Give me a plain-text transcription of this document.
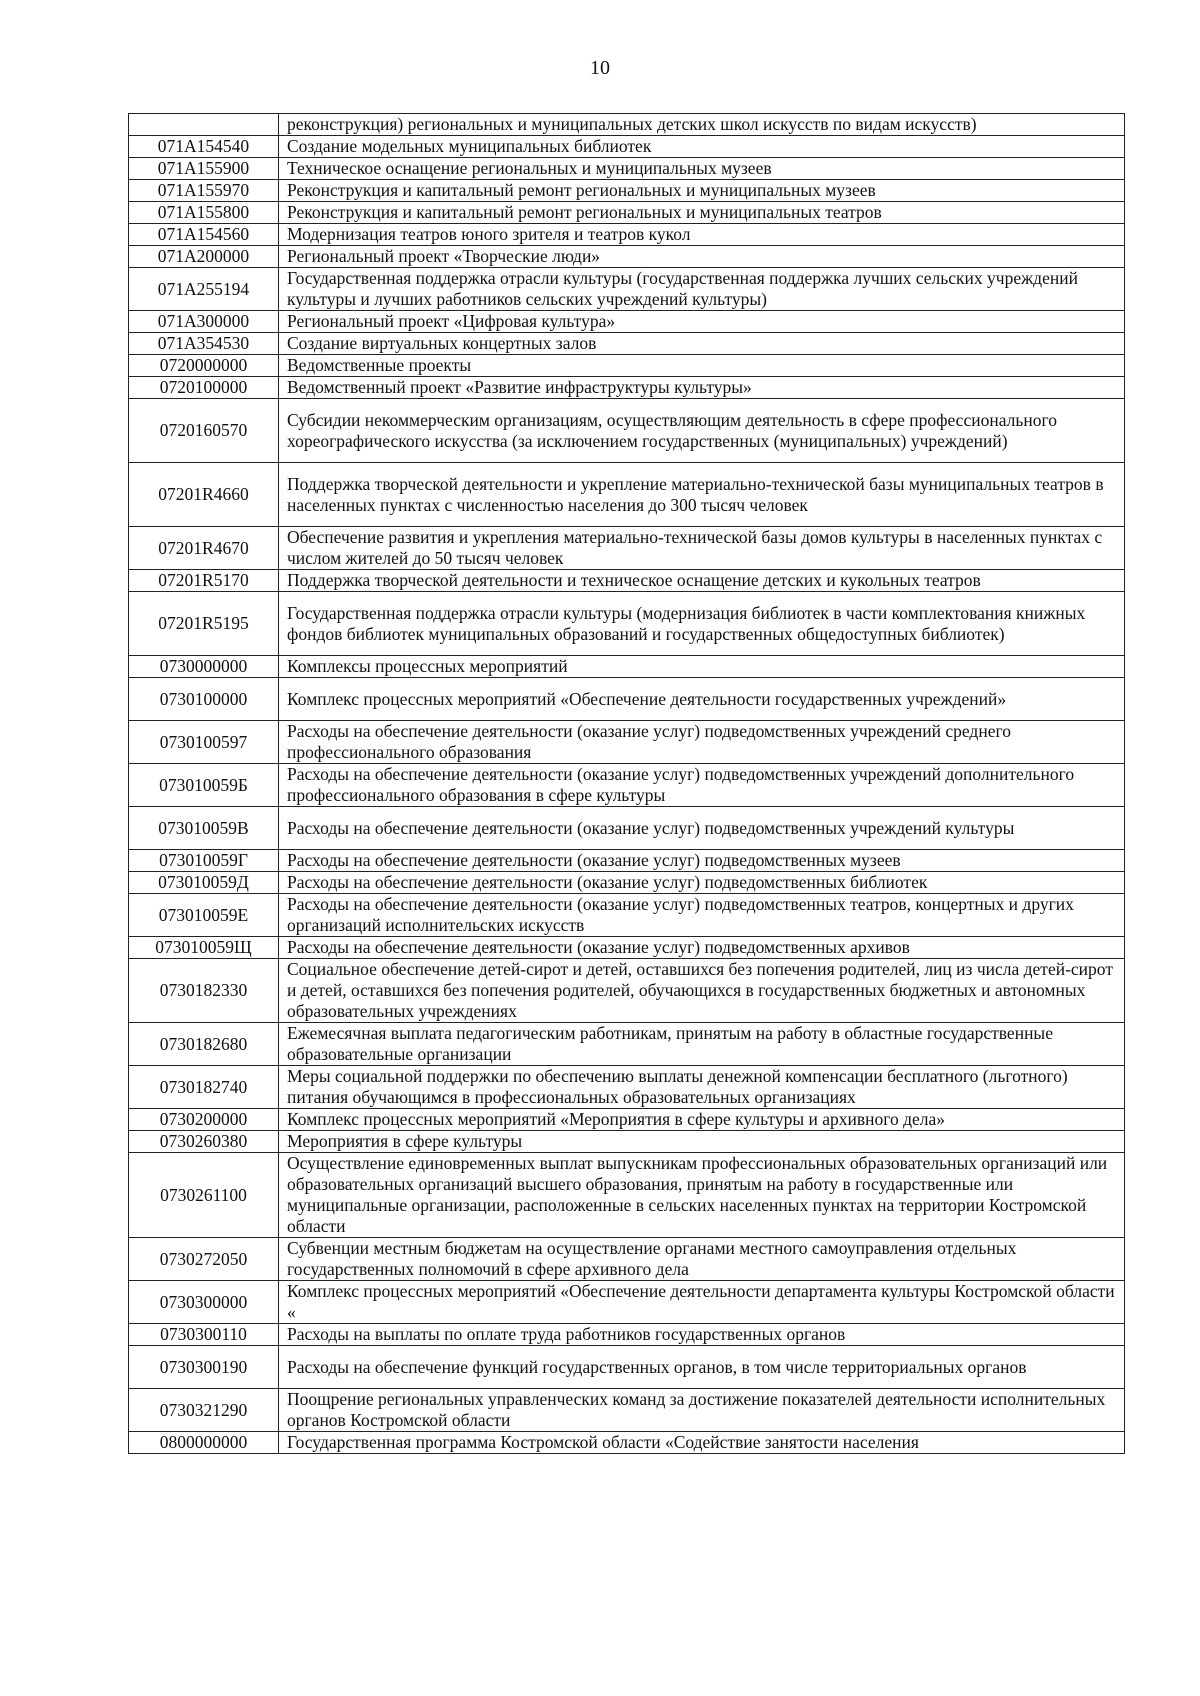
10
	реконструкция) региональных и муниципальных детских школ искусств по видам искусств)
071A154540	Создание модельных муниципальных библиотек
071A155900	Техническое оснащение региональных и муниципальных музеев
071A155970	Реконструкция и капитальный ремонт региональных и муниципальных музеев
071A155800	Реконструкция и капитальный ремонт региональных и муниципальных театров
071A154560	Модернизация театров юного зрителя и театров кукол
071A200000	Региональный проект «Творческие люди»
071A255194	Государственная поддержка отрасли культуры (государственная поддержка лучших сельских учреждений культуры и лучших работников сельских учреждений культуры)
071A300000	Региональный проект «Цифровая культура»
071A354530	Создание виртуальных концертных залов
0720000000	Ведомственные проекты
0720100000	Ведомственный проект «Развитие инфраструктуры культуры»
0720160570	Субсидии некоммерческим организациям, осуществляющим деятельность в сфере профессионального хореографического искусства (за исключением государственных (муниципальных) учреждений)
07201R4660	Поддержка творческой деятельности и укрепление материально-технической базы муниципальных театров в населенных пунктах с численностью населения до 300 тысяч человек
07201R4670	Обеспечение развития и укрепления материально-технической базы домов культуры в населенных пунктах с числом жителей до 50 тысяч человек
07201R5170	Поддержка творческой деятельности и техническое оснащение детских и кукольных театров
07201R5195	Государственная поддержка отрасли культуры (модернизация библиотек в части комплектования книжных фондов библиотек муниципальных образований и государственных общедоступных библиотек)
0730000000	Комплексы процессных мероприятий
0730100000	Комплекс процессных мероприятий «Обеспечение деятельности государственных учреждений»
0730100597	Расходы на обеспечение деятельности (оказание услуг) подведомственных учреждений среднего профессионального образования
073010059Б	Расходы на обеспечение деятельности (оказание услуг) подведомственных учреждений дополнительного профессионального образования в сфере культуры
073010059В	Расходы на обеспечение деятельности (оказание услуг) подведомственных учреждений культуры
073010059Г	Расходы на обеспечение деятельности (оказание услуг) подведомственных музеев
073010059Д	Расходы на обеспечение деятельности (оказание услуг) подведомственных библиотек
073010059Е	Расходы на обеспечение деятельности (оказание услуг) подведомственных театров, концертных и других организаций исполнительских искусств
073010059Щ	Расходы на обеспечение деятельности (оказание услуг) подведомственных архивов
0730182330	Социальное обеспечение детей-сирот и детей, оставшихся без попечения родителей, лиц из числа детей-сирот и детей, оставшихся без попечения родителей, обучающихся в государственных бюджетных и автономных образовательных учреждениях
0730182680	Ежемесячная выплата педагогическим работникам, принятым на работу в областные государственные образовательные организации
0730182740	Меры социальной поддержки по обеспечению выплаты денежной компенсации бесплатного (льготного) питания обучающимся в профессиональных образовательных организациях
0730200000	Комплекс процессных мероприятий «Мероприятия в сфере культуры и архивного дела»
0730260380	Мероприятия в сфере культуры
0730261100	Осуществление единовременных выплат выпускникам профессиональных образовательных организаций или образовательных организаций высшего образования, принятым на работу в государственные или муниципальные организации, расположенные в сельских населенных пунктах на территории Костромской области
0730272050	Субвенции местным бюджетам на осуществление органами местного самоуправления отдельных государственных полномочий в сфере архивного дела
0730300000	Комплекс процессных мероприятий «Обеспечение деятельности департамента культуры Костромской области «
0730300110	Расходы на выплаты по оплате труда работников государственных органов
0730300190	Расходы на обеспечение функций государственных органов, в том числе территориальных органов
0730321290	Поощрение региональных управленческих команд за достижение показателей деятельности исполнительных органов Костромской области
0800000000	Государственная программа Костромской области «Содействие занятости населения
